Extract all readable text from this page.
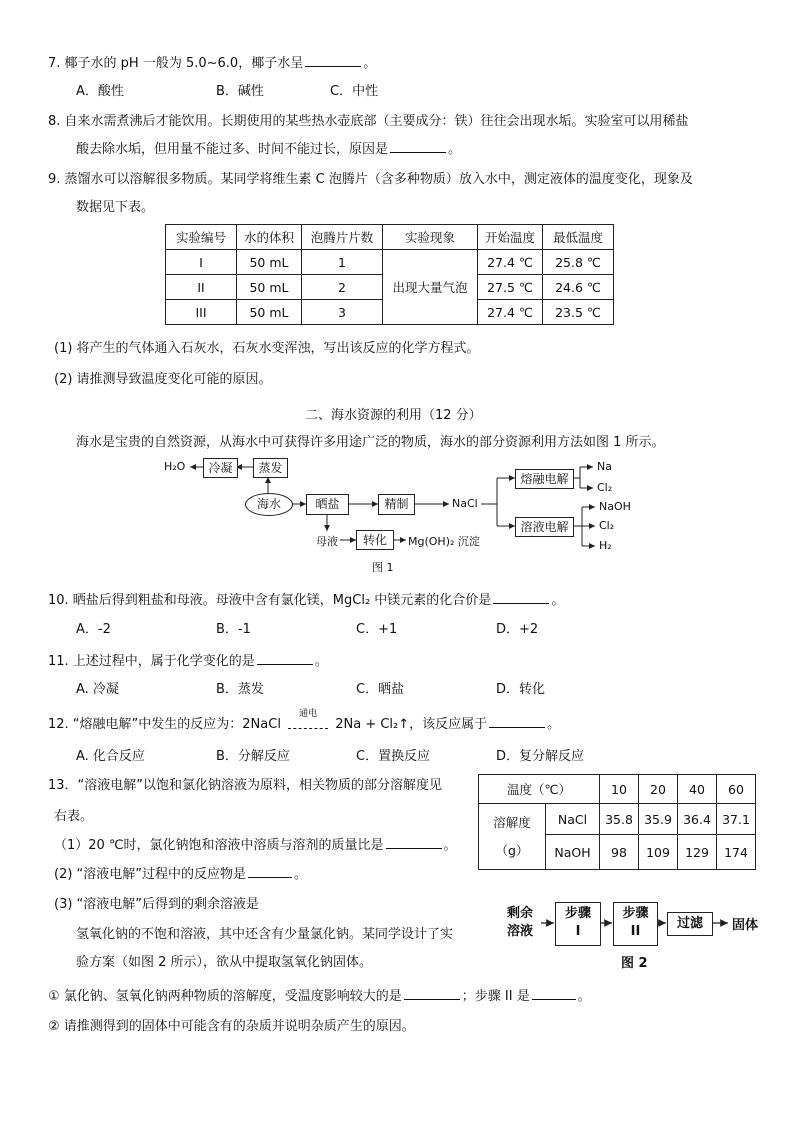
7. 椰子水的 pH 一般为 5.0~6.0，椰子水呈	。
A．酸性	B．碱性	C．中性
8. 自来水需煮沸后才能饮用。长期使用的某些热水壶底部（主要成分：铁）往往会出现水垢。实验室可以用稀盐
酸去除水垢，但用量不能过多、时间不能过长，原因是	。
9. 蒸馏水可以溶解很多物质。某同学将维生素 C 泡腾片（含多种物质）放入水中，测定液体的温度变化，现象及
数据见下表。
实验编号	水的体积	泡腾片片数	实验现象	开始温度	最低温度
I	50 mL	1	出现大量气泡	27.4 ℃	25.8 ℃
II	50 mL	2		27.5 ℃	24.6 ℃
III	50 mL	3		27.4 ℃	23.5 ℃
(1) 将产生的气体通入石灰水，石灰水变浑浊，写出该反应的化学方程式。
(2) 请推测导致温度变化可能的原因。
二、海水资源的利用（12 分）
海水是宝贵的自然资源，从海水中可获得许多用途广泛的物质，海水的部分资源利用方法如图 1 所示。
H₂O	冷凝	蒸发
海水	晒盐	精制	NaCl
熔融电解
溶液电解
Na
Cl₂
NaOH
Cl₂
H₂
母液	转化	Mg(OH)₂ 沉淀
图 1
10. 晒盐后得到粗盐和母液。母液中含有氯化镁，MgCl₂ 中镁元素的化合价是	。
A．-2	B．-1	C．+1	D．+2
11. 上述过程中，属于化学变化的是	。
A. 冷凝	B．蒸发	C．晒盐	D．转化
12. “熔融电解”中发生的反应为：2NaCl
通电
2Na + Cl₂↑，该反应属于	。
A. 化合反应	B．分解反应	C．置换反应	D．复分解反应
13．“溶液电解”以饱和氯化钠溶液为原料，相关物质的部分溶解度见
右表。
（1）20 ℃时，氯化钠饱和溶液中溶质与溶剂的质量比是	。
(2) “溶液电解”过程中的反应物是	。
(3) “溶液电解”后得到的剩余溶液是
氢氧化钠的不饱和溶液，其中还含有少量氯化钠。某同学设计了实
验方案（如图 2 所示），欲从中提取氢氧化钠固体。
① 氯化钠、氢氧化钠两种物质的溶解度，受温度影响较大的是	；步骤 II 是	。
② 请推测得到的固体中可能含有的杂质并说明杂质产生的原因。
温度（℃）		10	20	40	60

溶解度
（g）	NaCl	35.8	35.9	36.4	37.1
	NaOH	98	109	129	174
剩余
溶液
步骤
I
步骤
II
过滤	固体
图 2
